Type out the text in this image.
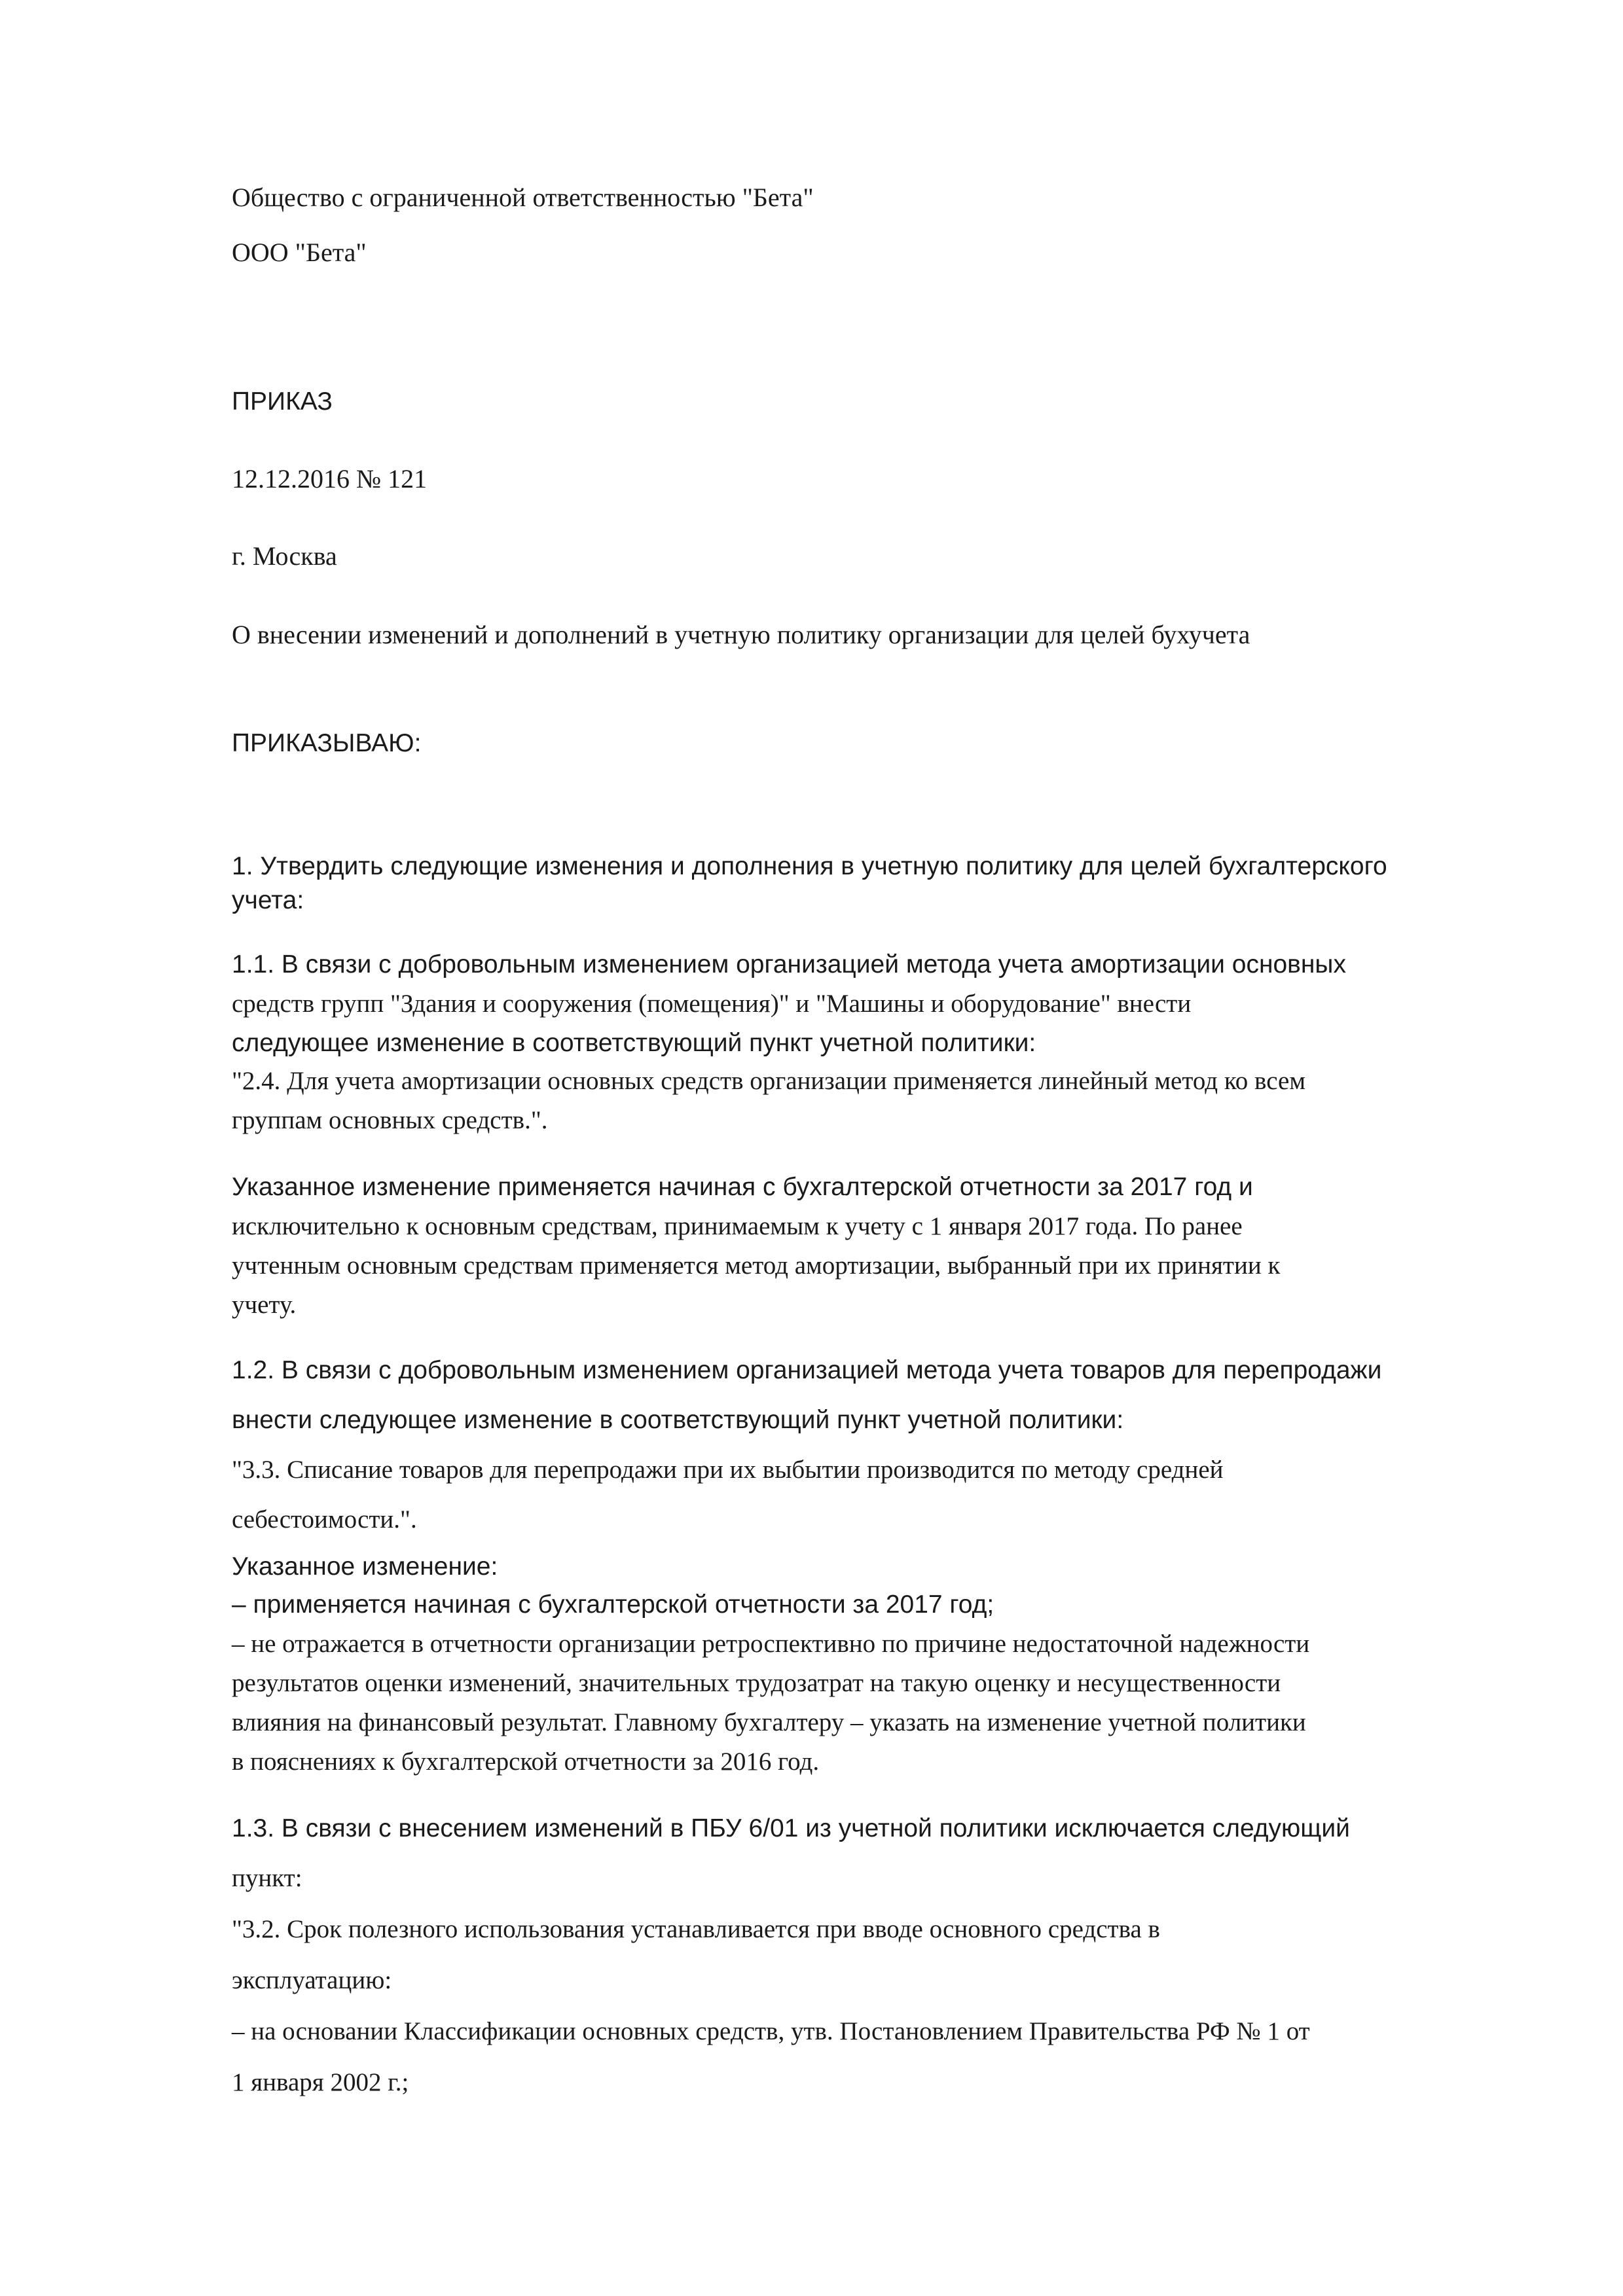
Общество с ограниченной ответственностью "Бета"

ООО "Бета"

ПРИКАЗ

12.12.2016 № 121

г. Москва

О внесении изменений и дополнений в учетную политику организации для целей бухучета

ПРИКАЗЫВАЮ:

1. Утвердить следующие изменения и дополнения в учетную политику для целей бухгалтерского

учета:

1.1. В связи с добровольным изменением организацией метода учета амортизации основных

средств групп "Здания и сооружения (помещения)" и "Машины и оборудование" внести

следующее изменение в соответствующий пункт учетной политики:

"2.4. Для учета амортизации основных средств организации применяется линейный метод ко всем

группам основных средств.".

Указанное изменение применяется начиная с бухгалтерской отчетности за 2017 год и

исключительно к основным средствам, принимаемым к учету с 1 января 2017 года. По ранее

учтенным основным средствам применяется метод амортизации, выбранный при их принятии к

учету.

1.2. В связи с добровольным изменением организацией метода учета товаров для перепродажи

внести следующее изменение в соответствующий пункт учетной политики:

"3.3. Списание товаров для перепродажи при их выбытии производится по методу средней

себестоимости.".

Указанное изменение:

– применяется начиная с бухгалтерской отчетности за 2017 год;

– не отражается в отчетности организации ретроспективно по причине недостаточной надежности

результатов оценки изменений, значительных трудозатрат на такую оценку и несущественности

влияния на финансовый результат. Главному бухгалтеру – указать на изменение учетной политики

в пояснениях к бухгалтерской отчетности за 2016 год.

1.3. В связи с внесением изменений в ПБУ 6/01 из учетной политики исключается следующий

пункт:

"3.2. Срок полезного использования устанавливается при вводе основного средства в

эксплуатацию:

– на основании Классификации основных средств, утв. Постановлением Правительства РФ № 1 от

1 января 2002 г.;
